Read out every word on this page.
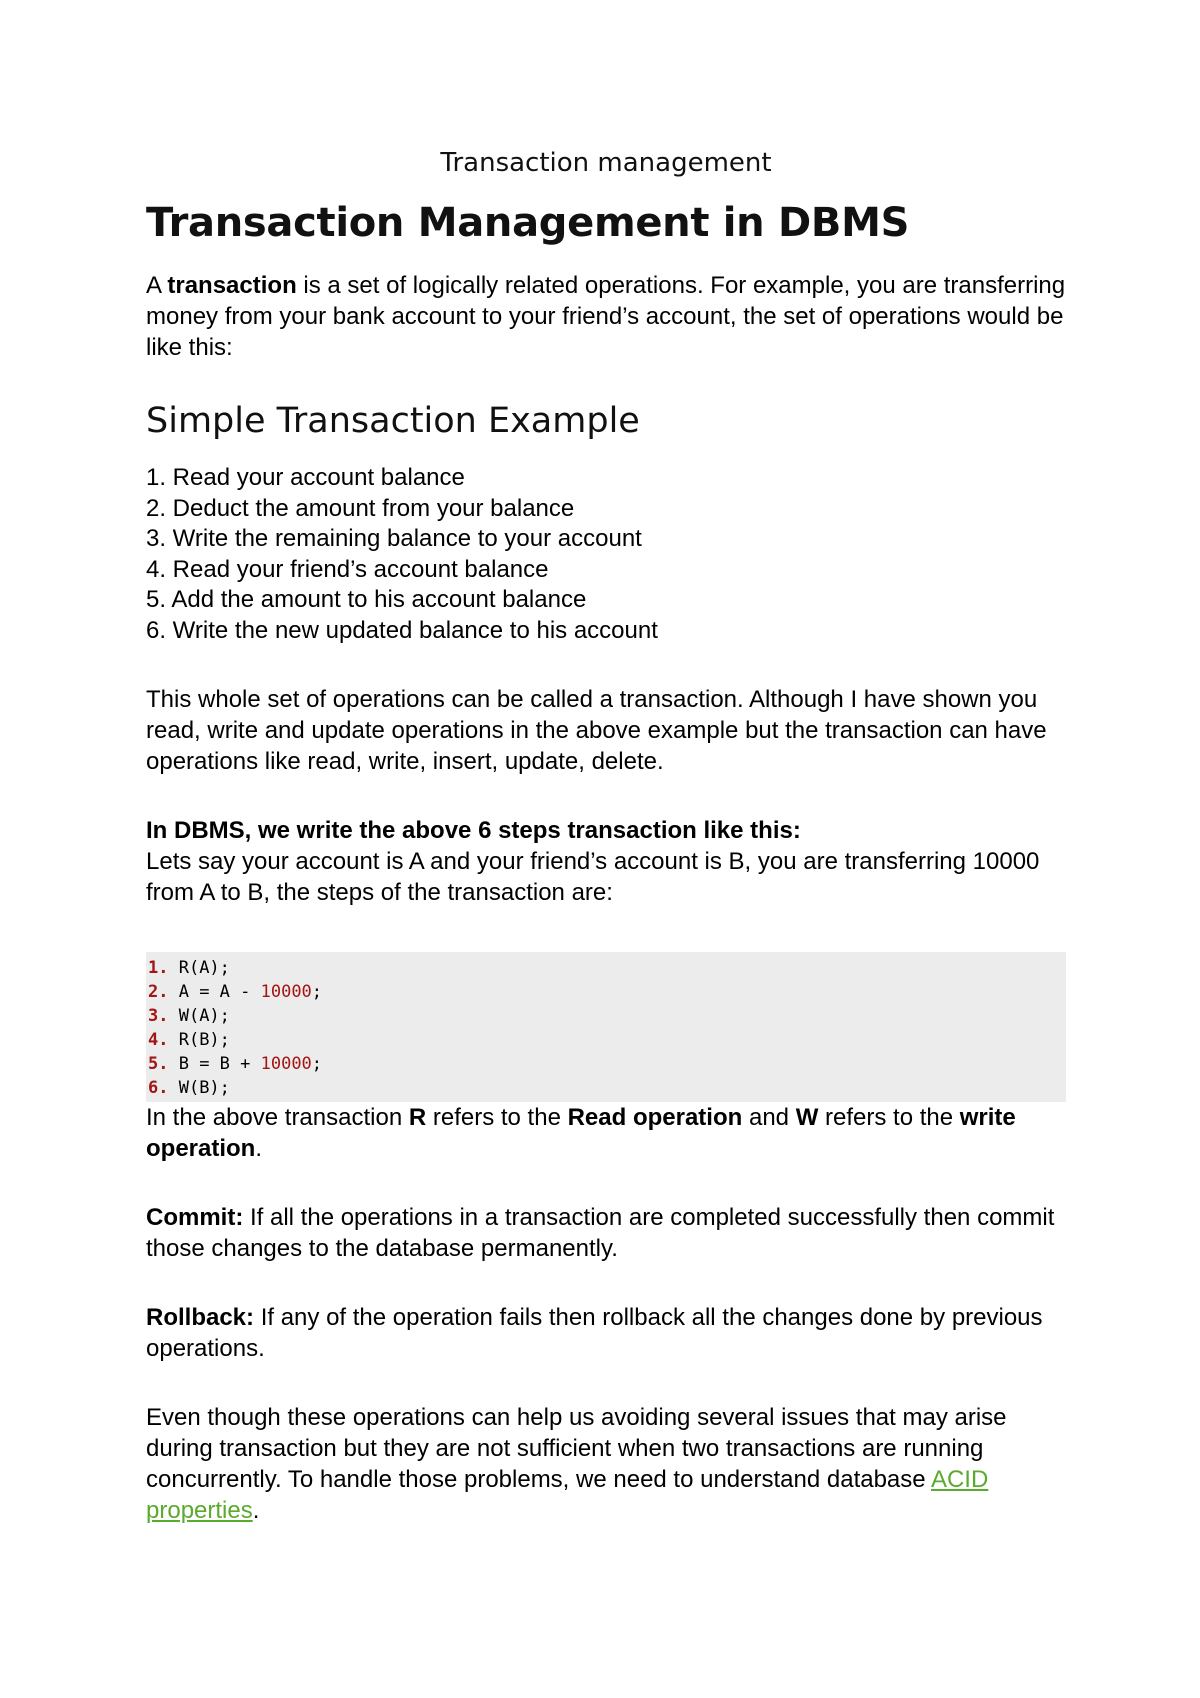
Transaction management
Transaction Management in DBMS

A transaction is a set of logically related operations. For example, you are transferring money from your bank account to your friend’s account, the set of operations would be like this:

Simple Transaction Example
1. Read your account balance
2. Deduct the amount from your balance
3. Write the remaining balance to your account
4. Read your friend’s account balance
5. Add the amount to his account balance
6. Write the new updated balance to his account

This whole set of operations can be called a transaction. Although I have shown you read, write and update operations in the above example but the transaction can have operations like read, write, insert, update, delete.

In DBMS, we write the above 6 steps transaction like this:

Lets say your account is A and your friend’s account is B, you are transferring 10000 from A to B, the steps of the transaction are:

1. R(A);
2. A = A - 10000;
3. W(A);
4. R(B);
5. B = B + 10000;
6. W(B);

In the above transaction R refers to the Read operation and W refers to the write operation.

Commit: If all the operations in a transaction are completed successfully then commit those changes to the database permanently.

Rollback: If any of the operation fails then rollback all the changes done by previous operations.

Even though these operations can help us avoiding several issues that may arise during transaction but they are not sufficient when two transactions are running concurrently. To handle those problems, we need to understand database ACID properties.
